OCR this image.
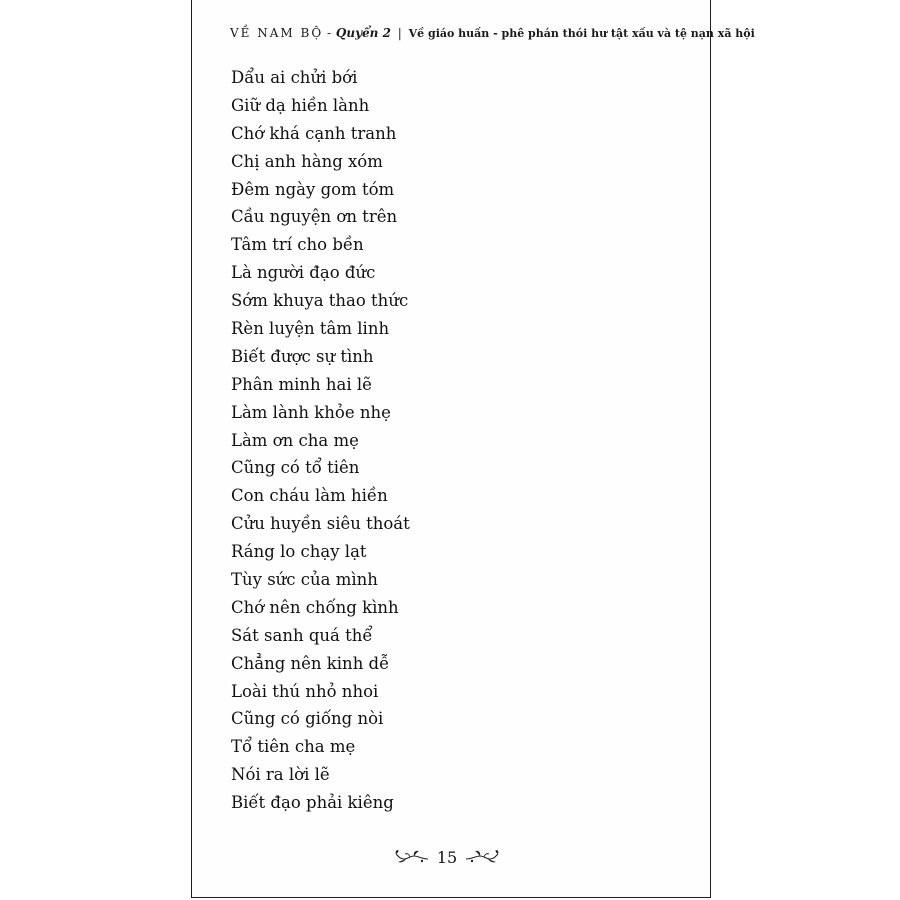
VỀ NAM BỘ - Quyển 2 | Về giáo huấn - phê phán thói hư tật xấu và tệ nạn xã hội
Dẩu ai chửi bới
Giữ dạ hiền lành
Chớ khá cạnh tranh
Chị anh hàng xóm
Đêm ngày gom tóm
Cầu nguyện ơn trên
Tâm trí cho bền
Là người đạo đức
Sớm khuya thao thức
Rèn luyện tâm linh
Biết được sự tình
Phân minh hai lẽ
Làm lành khỏe nhẹ
Làm ơn cha mẹ
Cũng có tổ tiên
Con cháu làm hiền
Cửu huyền siêu thoát
Ráng lo chạy lạt
Tùy sức của mình
Chớ nên chống kình
Sát sanh quá thể
Chẳng nên kinh dễ
Loài thú nhỏ nhoi
Cũng có giống nòi
Tổ tiên cha mẹ
Nói ra lời lẽ
Biết đạo phải kiêng
15
